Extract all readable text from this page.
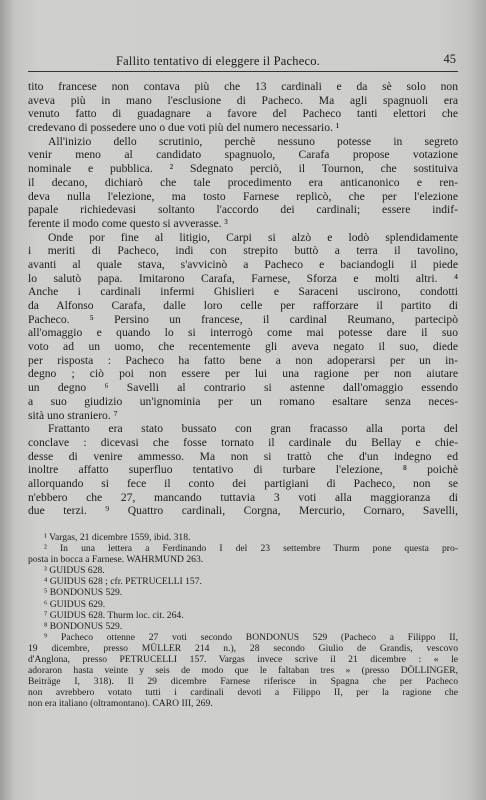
Fallito tentativo di eleggere il Pacheco.	45
tito francese non contava più che 13 cardinali e da sè solo non
aveva più in mano l'esclusione di Pacheco. Ma agli spagnuoli era
venuto fatto di guadagnare a favore del Pacheco tanti elettori che
credevano di possedere uno o due voti più del numero necessario. ¹
All'inizio dello scrutinio, perchè nessuno potesse in segreto
venir meno al candidato spagnuolo, Carafa propose votazione
nominale e pubblica. ² Sdegnato perciò, il Tournon, che sostituiva
il decano, dichiarò che tale procedimento era anticanonico e ren-
deva nulla l'elezione, ma tosto Farnese replicò, che per l'elezione
papale richiedevasi soltanto l'accordo dei cardinali; essere indif-
ferente il modo come questo si avverasse. ³
Onde por fine al litigio, Carpi si alzò e lodò splendidamente
i meriti di Pacheco, indi con strepito buttò a terra il tavolino,
avanti al quale stava, s'avvicinò a Pacheco e baciandogli il piede
lo salutò papa. Imitarono Carafa, Farnese, Sforza e molti altri. ⁴
Anche i cardinali infermi Ghislieri e Saraceni uscirono, condotti
da Alfonso Carafa, dalle loro celle per rafforzare il partito di
Pacheco. ⁵ Persino un francese, il cardinal Reumano, partecipò
all'omaggio e quando lo si interrogò come mai potesse dare il suo
voto ad un uomo, che recentemente gli aveva negato il suo, diede
per risposta : Pacheco ha fatto bene a non adoperarsi per un in-
degno ; ciò poi non essere per lui una ragione per non aiutare
un degno ⁶ Savelli al contrario si astenne dall'omaggio essendo
a suo giudizio un'ignominia per un romano esaltare senza neces-
sità uno straniero. ⁷
Frattanto era stato bussato con gran fracasso alla porta del
conclave : dicevasi che fosse tornato il cardinale du Bellay e chie-
desse di venire ammesso. Ma non si trattò che d'un indegno ed
inoltre affatto superfluo tentativo di turbare l'elezione, ⁸ poichè
allorquando si fece il conto dei partigiani di Pacheco, non se
n'ebbero che 27, mancando tuttavia 3 voti alla maggioranza di
due terzi. ⁹ Quattro cardinali, Corgna, Mercurio, Cornaro, Savelli,
¹ Vargas, 21 dicembre 1559, ibid. 318.
² In una lettera a Ferdinando I del 23 settembre Thurm pone questa pro-
posta in bocca a Farnese. WAHRMUND 263.
³ GUIDUS 628.
⁴ GUIDUS 628 ; cfr. PETRUCELLI 157.
⁵ BONDONUS 529.
⁶ GUIDUS 629.
⁷ GUIDUS 628. Thurm loc. cit. 264.
⁸ BONDONUS 529.
⁹ Pacheco ottenne 27 voti secondo BONDONUS 529 (Pacheco a Filippo II,
19 dicembre, presso MÜLLER 214 n.), 28 secondo Giulio de Grandis, vescovo
d'Anglona, presso PETRUCELLI 157. Vargas invece scrive il 21 dicembre : « le
adoraron hasta veinte y seis de modo que le faltaban tres » (presso DÖLLINGER,
Beiträge I, 318). Il 29 dicembre Farnese riferisce in Spagna che per Pacheco
non avrebbero votato tutti i cardinali devoti a Filippo II, per la ragione che
non era italiano (oltramontano). CARO III, 269.
